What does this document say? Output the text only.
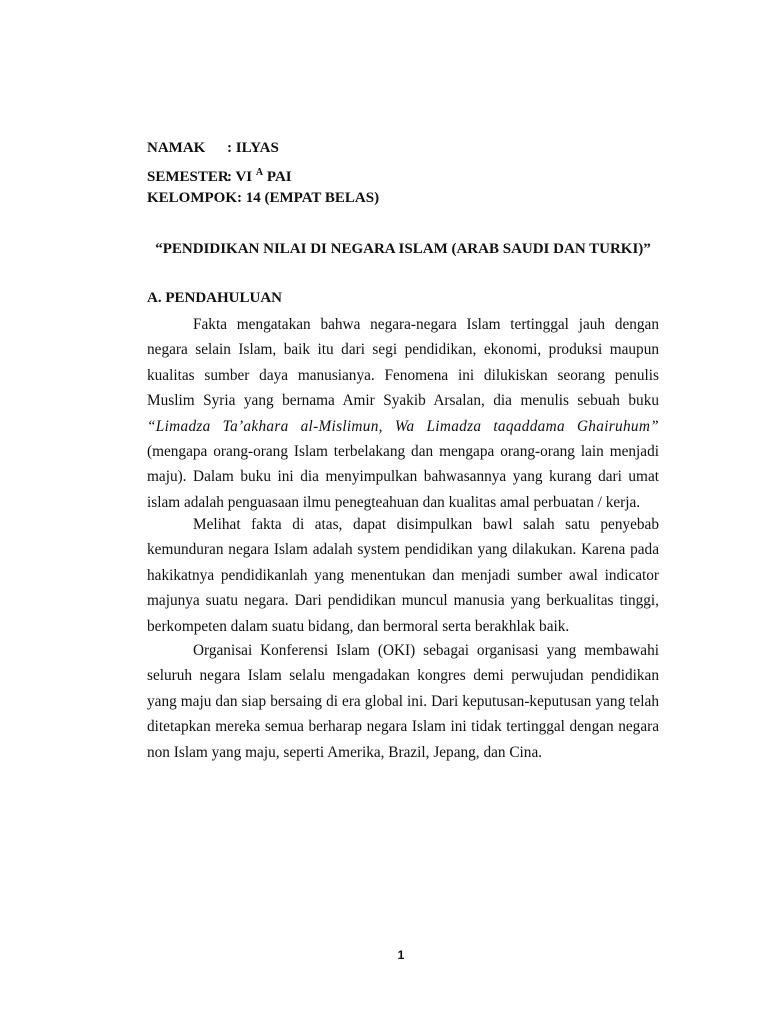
NAMAK : ILYAS
SEMESTER: VI $^A$ PAI
KELOMPOK: 14 (EMPAT BELAS)
“PENDIDIKAN NILAI DI NEGARA ISLAM (ARAB SAUDI DAN TURKI)”
A. PENDAHULUAN

Fakta mengatakan bahwa negara-negara Islam tertinggal jauh dengan negara selain Islam, baik itu dari segi pendidikan, ekonomi, produksi maupun kualitas sumber daya manusianya. Fenomena ini dilukiskan seorang penulis Muslim Syria yang bernama Amir Syakib Arsalan, dia menulis sebuah buku “Limadza Ta’akhara al-Mislimun, Wa Limadza taqaddama Ghairuhum” (mengapa orang-orang Islam terbelakang dan mengapa orang-orang lain menjadi maju). Dalam buku ini dia menyimpulkan bahwasannya yang kurang dari umat islam adalah penguasaan ilmu penegteahuan dan kualitas amal perbuatan / kerja.

Melihat fakta di atas, dapat disimpulkan bawl salah satu penyebab kemunduran negara Islam adalah system pendidikan yang dilakukan. Karena pada hakikatnya pendidikanlah yang menentukan dan menjadi sumber awal indicator majunya suatu negara. Dari pendidikan muncul manusia yang berkualitas tinggi, berkompeten dalam suatu bidang, dan bermoral serta berakhlak baik.

Organisai Konferensi Islam (OKI) sebagai organisasi yang membawahi seluruh negara Islam selalu mengadakan kongres demi perwujudan pendidikan yang maju dan siap bersaing di era global ini. Dari keputusan-keputusan yang telah ditetapkan mereka semua berharap negara Islam ini tidak tertinggal dengan negara non Islam yang maju, seperti Amerika, Brazil, Jepang, dan Cina.

1
